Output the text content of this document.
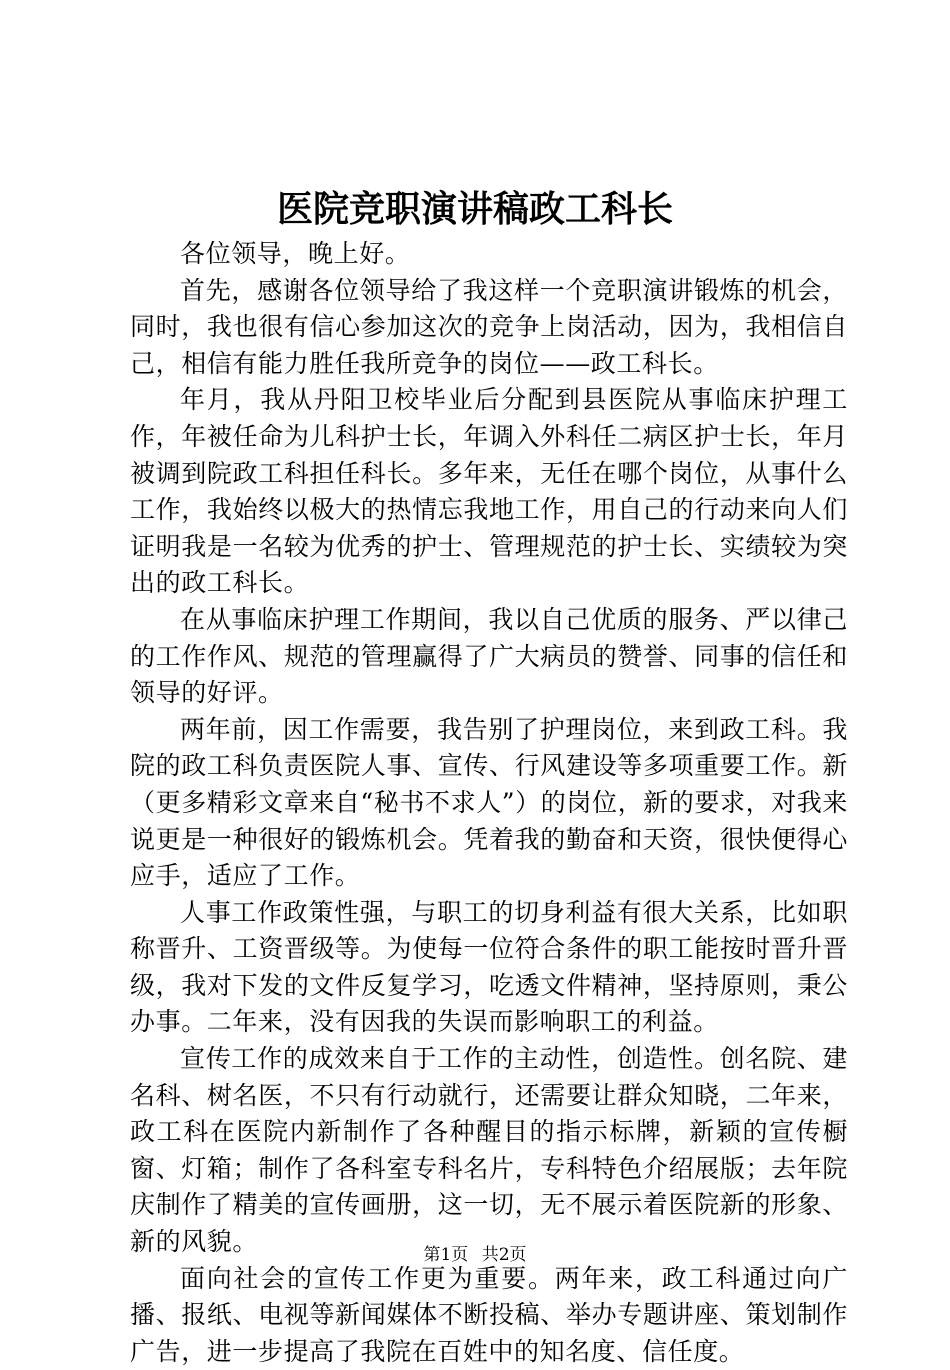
医院竞职演讲稿政工科长

各位领导，晚上好。

首先，感谢各位领导给了我这样一个竞职演讲锻炼的机会，同时，我也很有信心参加这次的竞争上岗活动，因为，我相信自己，相信有能力胜任我所竞争的岗位——政工科长。

年月，我从丹阳卫校毕业后分配到县医院从事临床护理工作，年被任命为儿科护士长，年调入外科任二病区护士长，年月被调到院政工科担任科长。多年来，无任在哪个岗位，从事什么工作，我始终以极大的热情忘我地工作，用自己的行动来向人们证明我是一名较为优秀的护士、管理规范的护士长、实绩较为突出的政工科长。

在从事临床护理工作期间，我以自己优质的服务、严以律己的工作作风、规范的管理赢得了广大病员的赞誉、同事的信任和领导的好评。

两年前，因工作需要，我告别了护理岗位，来到政工科。我院的政工科负责医院人事、宣传、行风建设等多项重要工作。新（更多精彩文章来自“秘书不求人”）的岗位，新的要求，对我来说更是一种很好的锻炼机会。凭着我的勤奋和天资，很快便得心应手，适应了工作。

人事工作政策性强，与职工的切身利益有很大关系，比如职称晋升、工资晋级等。为使每一位符合条件的职工能按时晋升晋级，我对下发的文件反复学习，吃透文件精神，坚持原则，秉公办事。二年来，没有因我的失误而影响职工的利益。

宣传工作的成效来自于工作的主动性，创造性。创名院、建名科、树名医，不只有行动就行，还需要让群众知晓，二年来，政工科在医院内新制作了各种醒目的指示标牌，新颖的宣传橱窗、灯箱；制作了各科室专科名片，专科特色介绍展版；去年院庆制作了精美的宣传画册，这一切，无不展示着医院新的形象、新的风貌。

面向社会的宣传工作更为重要。两年来，政工科通过向广播、报纸、电视等新闻媒体不断投稿、举办专题讲座、策划制作广告，进一步提高了我院在百姓中的知名度、信任度。

第1页 共2页
